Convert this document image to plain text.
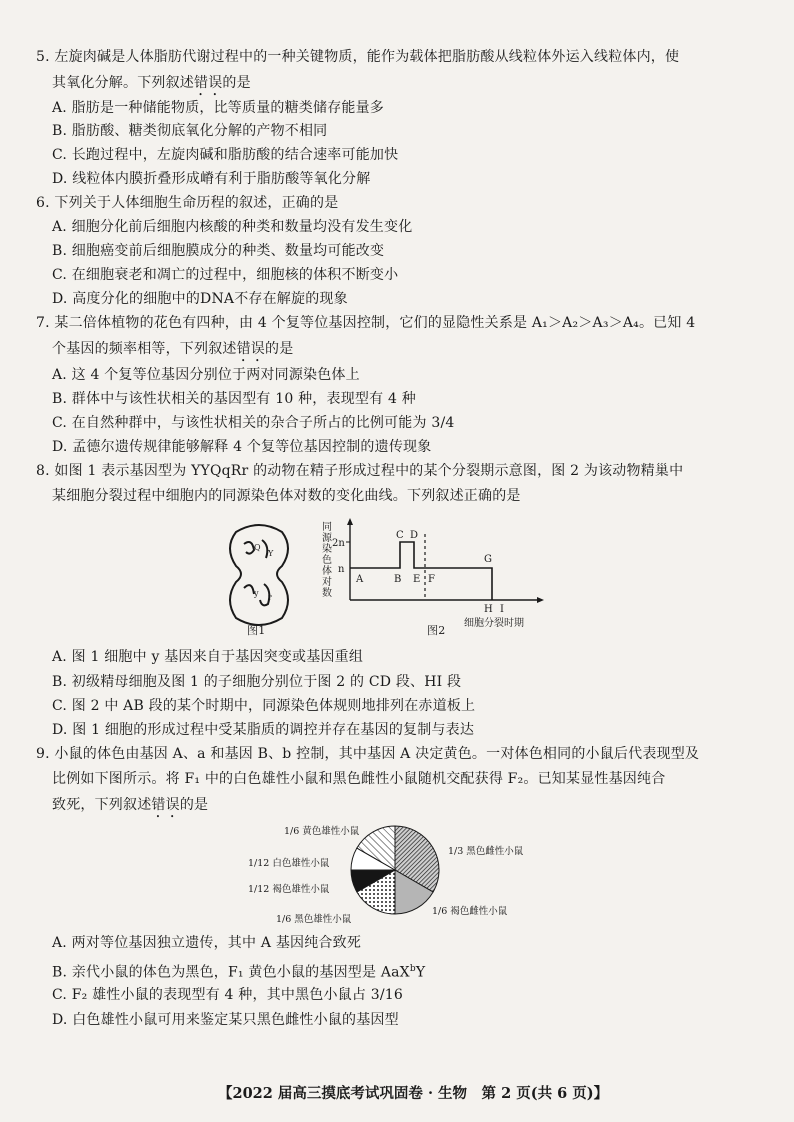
5. 左旋肉碱是人体脂肪代谢过程中的一种关键物质，能作为载体把脂肪酸从线粒体外运入线粒体内，使
其氧化分解。下列叙述错误的是
A. 脂肪是一种储能物质，比等质量的糖类储存能量多
B. 脂肪酸、糖类彻底氧化分解的产物不相同
C. 长跑过程中，左旋肉碱和脂肪酸的结合速率可能加快
D. 线粒体内膜折叠形成嵴有利于脂肪酸等氧化分解
6. 下列关于人体细胞生命历程的叙述，正确的是
A. 细胞分化前后细胞内核酸的种类和数量均没有发生变化
B. 细胞癌变前后细胞膜成分的种类、数量均可能改变
C. 在细胞衰老和凋亡的过程中，细胞核的体积不断变小
D. 高度分化的细胞中的DNA不存在解旋的现象
7. 某二倍体植物的花色有四种，由 4 个复等位基因控制，它们的显隐性关系是 A₁＞A₂＞A₃＞A₄。已知 4
个基因的频率相等，下列叙述错误的是
A. 这 4 个复等位基因分别位于两对同源染色体上
B. 群体中与该性状相关的基因型有 10 种，表现型有 4 种
C. 在自然种群中，与该性状相关的杂合子所占的比例可能为 3/4
D. 孟德尔遗传规律能够解释 4 个复等位基因控制的遗传现象
8. 如图 1 表示基因型为 YYQqRr 的动物在精子形成过程中的某个分裂期示意图，图 2 为该动物精巢中
某细胞分裂过程中细胞内的同源染色体对数的变化曲线。下列叙述正确的是
Q
Y
y r
图1
同 源 染 色 体 对 数
2n
n
A	B
C D
E F
G
H I
细胞分裂时期
图2
A. 图 1 细胞中 y 基因来自于基因突变或基因重组
B. 初级精母细胞及图 1 的子细胞分别位于图 2 的 CD 段、HI 段
C. 图 2 中 AB 段的某个时期中，同源染色体规则地排列在赤道板上
D. 图 1 细胞的形成过程中受某脂质的调控并存在基因的复制与表达
9. 小鼠的体色由基因 A、a 和基因 B、b 控制，其中基因 A 决定黄色。一对体色相同的小鼠后代表现型及
比例如下图所示。将 F₁ 中的白色雄性小鼠和黑色雌性小鼠随机交配获得 F₂。已知某显性基因纯合
致死，下列叙述错误的是
1/3 黑色雌性小鼠
1/6 褐色雌性小鼠
1/6 黑色雄性小鼠
1/12 褐色雄性小鼠
1/12 白色雄性小鼠
1/6 黄色雄性小鼠
A. 两对等位基因独立遗传，其中 A 基因纯合致死
B. 亲代小鼠的体色为黑色，F₁ 黄色小鼠的基因型是 AaX$^b$Y
C. F₂ 雄性小鼠的表现型有 4 种，其中黑色小鼠占 3/16
D. 白色雄性小鼠可用来鉴定某只黑色雌性小鼠的基因型
【2022 届高三摸底考试巩固卷 · 生物　第 2 页(共 6 页)】
